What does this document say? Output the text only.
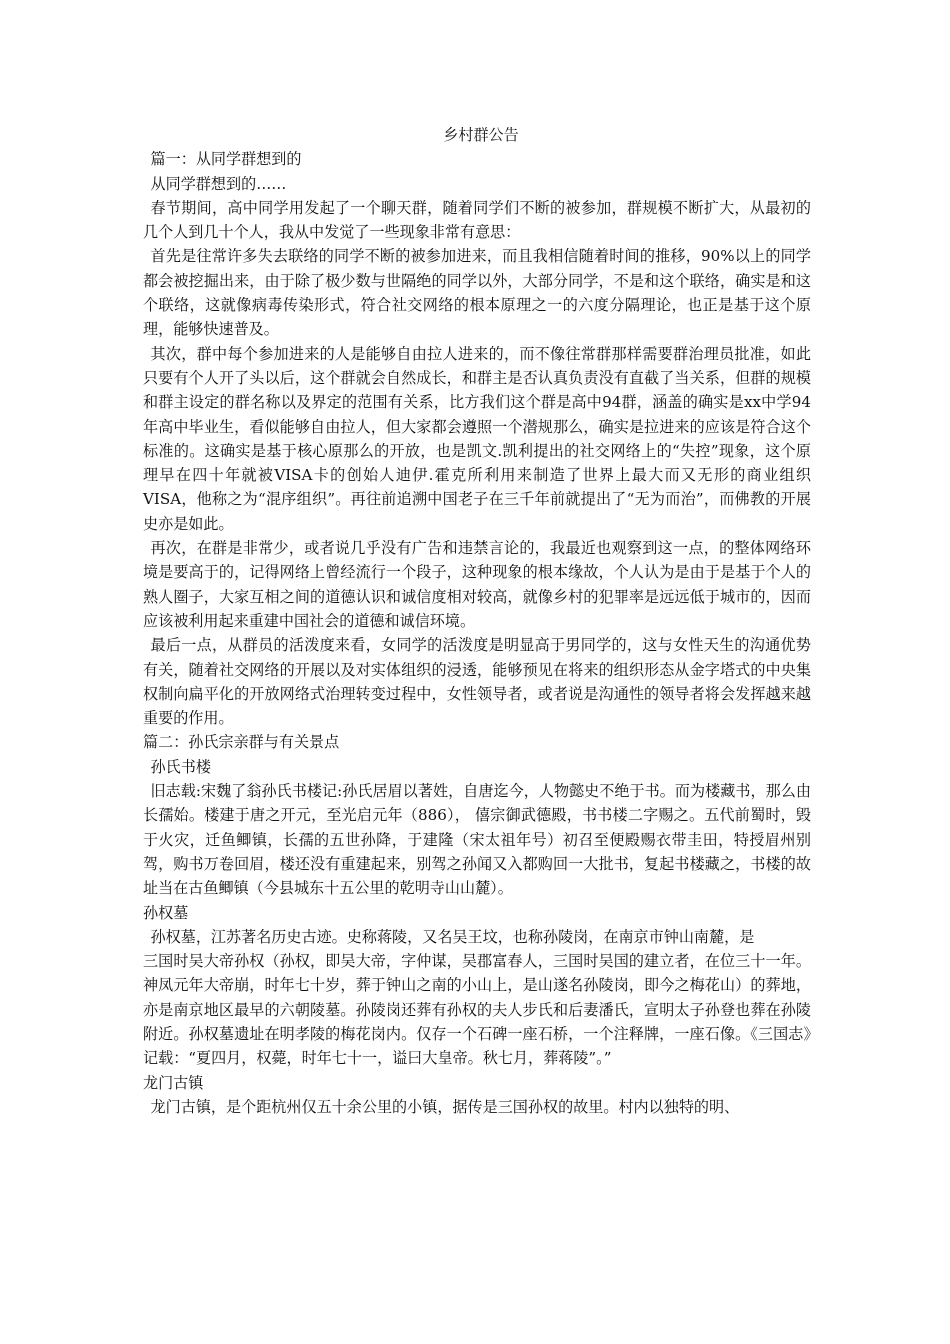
乡村群公告
篇一：从同学群想到的
从同学群想到的……
春节期间，高中同学用发起了一个聊天群，随着同学们不断的被参加，群规模不断扩大，从最初的几个人到几十个人，我从中发觉了一些现象非常有意思：
首先是往常许多失去联络的同学不断的被参加进来，而且我相信随着时间的推移，90%以上的同学都会被挖掘出来，由于除了极少数与世隔绝的同学以外，大部分同学，不是和这个联络，确实是和这个联络，这就像病毒传染形式，符合社交网络的根本原理之一的六度分隔理论，也正是基于这个原理，能够快速普及。
其次，群中每个参加进来的人是能够自由拉人进来的，而不像往常群那样需要群治理员批准，如此只要有个人开了头以后，这个群就会自然成长，和群主是否认真负责没有直截了当关系，但群的规模和群主设定的群名称以及界定的范围有关系，比方我们这个群是高中94群，涵盖的确实是xx中学94年高中毕业生，看似能够自由拉人，但大家都会遵照一个潜规那么，确实是拉进来的应该是符合这个标准的。这确实是基于核心原那么的开放，也是凯文.凯利提出的社交网络上的“失控”现象，这个原理早在四十年就被VISA卡的创始人迪伊.霍克所利用来制造了世界上最大而又无形的商业组织VISA，他称之为“混序组织”。再往前追溯中国老子在三千年前就提出了“无为而治”，而佛教的开展史亦是如此。
再次，在群是非常少，或者说几乎没有广告和违禁言论的，我最近也观察到这一点，的整体网络环境是要高于的，记得网络上曾经流行一个段子，这种现象的根本缘故，个人认为是由于是基于个人的熟人圈子，大家互相之间的道德认识和诚信度相对较高，就像乡村的犯罪率是远远低于城市的，因而应该被利用起来重建中国社会的道德和诚信环境。
最后一点，从群员的活泼度来看，女同学的活泼度是明显高于男同学的，这与女性天生的沟通优势有关，随着社交网络的开展以及对实体组织的浸透，能够预见在将来的组织形态从金字塔式的中央集权制向扁平化的开放网络式治理转变过程中，女性领导者，或者说是沟通性的领导者将会发挥越来越重要的作用。
篇二：孙氏宗亲群与有关景点
孙氏书楼
旧志载:宋魏了翁孙氏书楼记:孙氏居眉以著姓，自唐迄今，人物懿史不绝于书。而为楼藏书，那么由长孺始。楼建于唐之开元，至光启元年（886）， 僖宗御武德殿，书书楼二字赐之。五代前蜀时，毁于火灾，迁鱼鲫镇，长孺的五世孙降，于建隆（宋太祖年号）初召至便殿赐衣带圭田，特授眉州别驾，购书万卷回眉，楼还没有重建起来，别驾之孙闻又入都购回一大批书，复起书楼藏之，书楼的故址当在古鱼鲫镇（今县城东十五公里的乾明寺山山麓）。
孙权墓
孙权墓，江苏著名历史古迹。史称蒋陵，又名吴王坟，也称孙陵岗，在南京市钟山南麓，是
三国时吴大帝孙权（孙权，即吴大帝，字仲谋，吴郡富春人，三国时吴国的建立者，在位三十一年。神凤元年大帝崩，时年七十岁，葬于钟山之南的小山上，是山遂名孙陵岗，即今之梅花山）的葬地，亦是南京地区最早的六朝陵墓。孙陵岗还葬有孙权的夫人步氏和后妻潘氏，宣明太子孙登也葬在孙陵附近。孙权墓遗址在明孝陵的梅花岗内。仅存一个石碑一座石桥，一个注释牌，一座石像。《三国志》记载：“夏四月，权薨，时年七十一，谥曰大皇帝。秋七月，葬蒋陵”。”
龙门古镇
龙门古镇，是个距杭州仅五十余公里的小镇，据传是三国孙权的故里。村内以独特的明、
